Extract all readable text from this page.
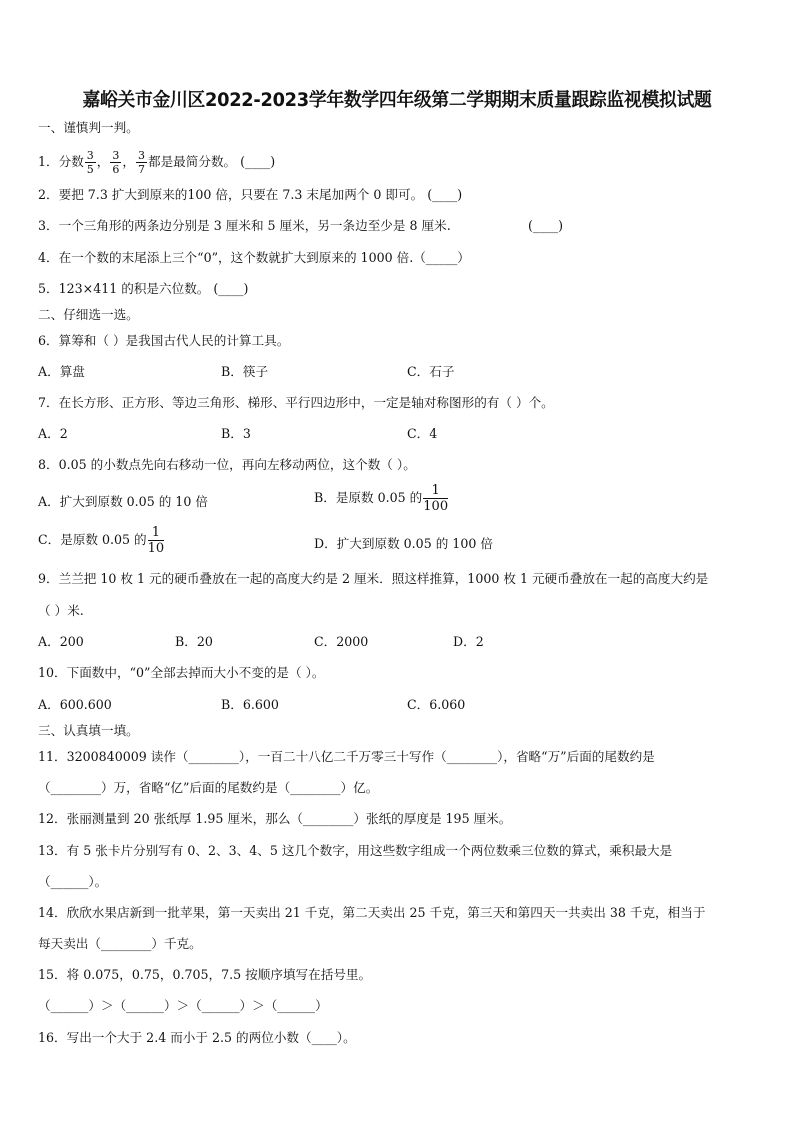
嘉峪关市金川区2022-2023学年数学四年级第二学期期末质量跟踪监视模拟试题
一、谨慎判一判。
1．分数 $\frac{3}{5}$ ， $\frac{3}{6}$ ， $\frac{3}{7}$ 都是最简分数。 (____)
2．要把 7.3 扩大到原来的100 倍，只要在 7.3 末尾加两个 0 即可。 (____)
3．一个三角形的两条边分别是 3 厘米和 5 厘米，另一条边至少是 8 厘米.	(____)
4．在一个数的末尾添上三个“0”，这个数就扩大到原来的 1000 倍.（_____）
5．123×411 的积是六位数。 (____)
二、仔细选一选。
6．算筹和（ ）是我国古代人民的计算工具。
A．算盘	B．筷子	C．石子
7．在长方形、正方形、等边三角形、梯形、平行四边形中，一定是轴对称图形的有（ ）个。
A．2	B．3	C．4
8．0.05 的小数点先向右移动一位，再向左移动两位，这个数（ ）。
A．扩大到原数 0.05 的 10 倍	B．是原数 0.05 的 $\frac{1}{100}$
C．是原数 0.05 的 $\frac{1}{10}$	D．扩大到原数 0.05 的 100 倍
9．兰兰把 10 枚 1 元的硬币叠放在一起的高度大约是 2 厘米．照这样推算，1000 枚 1 元硬币叠放在一起的高度大约是
（ ）米.
A．200	B．20	C．2000	D．2
10．下面数中，“0”全部去掉而大小不变的是（ ）。
A．600.600	B．6.600	C．6.060
三、认真填一填。
11．3200840009 读作（________），一百二十八亿二千万零三十写作（________），省略“万”后面的尾数约是
（________）万，省略“亿”后面的尾数约是（________）亿。
12．张丽测量到 20 张纸厚 1.95 厘米，那么（________）张纸的厚度是 195 厘米。
13．有 5 张卡片分别写有 0、2、3、4、5 这几个数字，用这些数字组成一个两位数乘三位数的算式，乘积最大是
（______）。
14．欣欣水果店新到一批苹果，第一天卖出 21 千克，第二天卖出 25 千克，第三天和第四天一共卖出 38 千克，相当于
每天卖出（________）千克。
15．将 0.075，0.75，0.705，7.5 按顺序填写在括号里。
（______）＞（______）＞（______）＞（______）
16．写出一个大于 2.4 而小于 2.5 的两位小数（____）。
